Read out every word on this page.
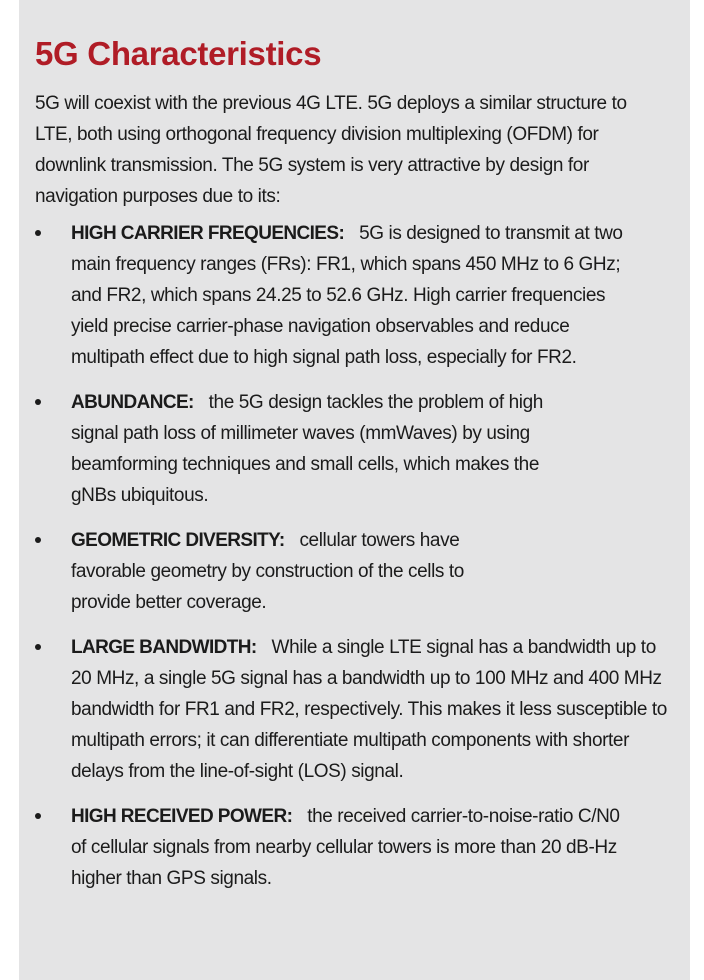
5G Characteristics

5G will coexist with the previous 4G LTE. 5G deploys a similar structure to LTE, both using orthogonal frequency division multiplexing (OFDM) for downlink transmission. The 5G system is very attractive by design for navigation purposes due to its:

HIGH CARRIER FREQUENCIES: 5G is designed to transmit at two main frequency ranges (FRs): FR1, which spans 450 MHz to 6 GHz; and FR2, which spans 24.25 to 52.6 GHz. High carrier frequencies yield precise carrier-phase navigation observables and reduce multipath effect due to high signal path loss, especially for FR2.
ABUNDANCE: the 5G design tackles the problem of high signal path loss of millimeter waves (mmWaves) by using beamforming techniques and small cells, which makes the gNBs ubiquitous.
GEOMETRIC DIVERSITY: cellular towers have favorable geometry by construction of the cells to provide better coverage.
LARGE BANDWIDTH: While a single LTE signal has a bandwidth up to 20 MHz, a single 5G signal has a bandwidth up to 100 MHz and 400 MHz bandwidth for FR1 and FR2, respectively. This makes it less susceptible to multipath errors; it can differentiate multipath components with shorter delays from the line-of-sight (LOS) signal.
HIGH RECEIVED POWER: the received carrier-to-noise-ratio C/N0 of cellular signals from nearby cellular towers is more than 20 dB-Hz higher than GPS signals.
